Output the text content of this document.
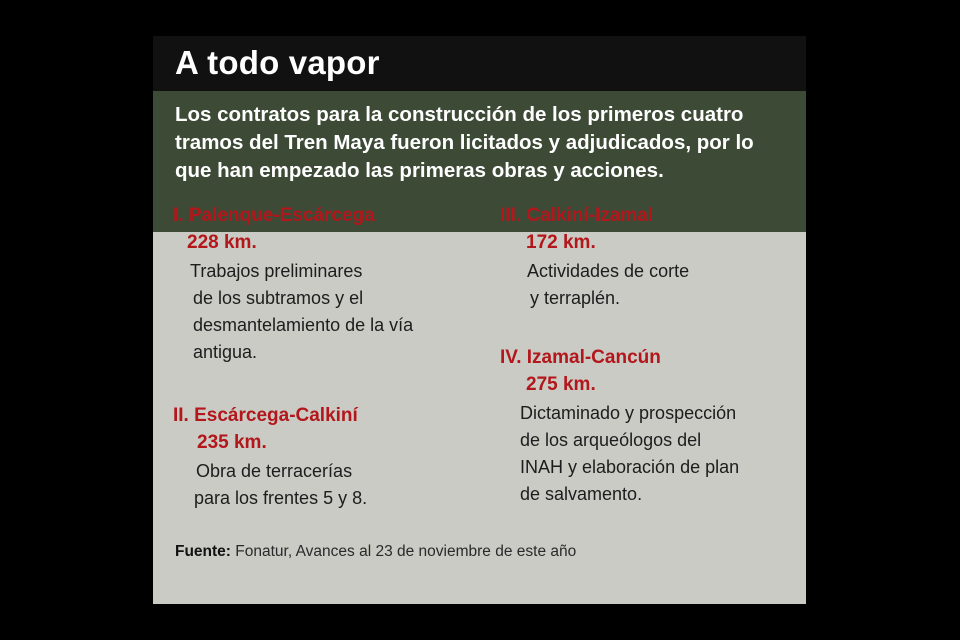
A todo vapor
Los contratos para la construcción de los primeros cuatro tramos del Tren Maya fueron licitados y adjudicados, por lo que han empezado las primeras obras y acciones.
I. Palenque-Escárcega
228 km.
Trabajos preliminares
de los subtramos y el
desmantelamiento de la vía
antigua.
II. Escárcega-Calkiní
235 km.
Obra de terracerías
para los frentes 5 y 8.
III. Calkiní-Izamal
172 km.
Actividades de corte
y terraplén.
IV. Izamal-Cancún
275 km.
Dictaminado y prospección
de los arqueólogos del
INAH y elaboración de plan
de salvamento.
Fuente: Fonatur, Avances al 23 de noviembre de este año
